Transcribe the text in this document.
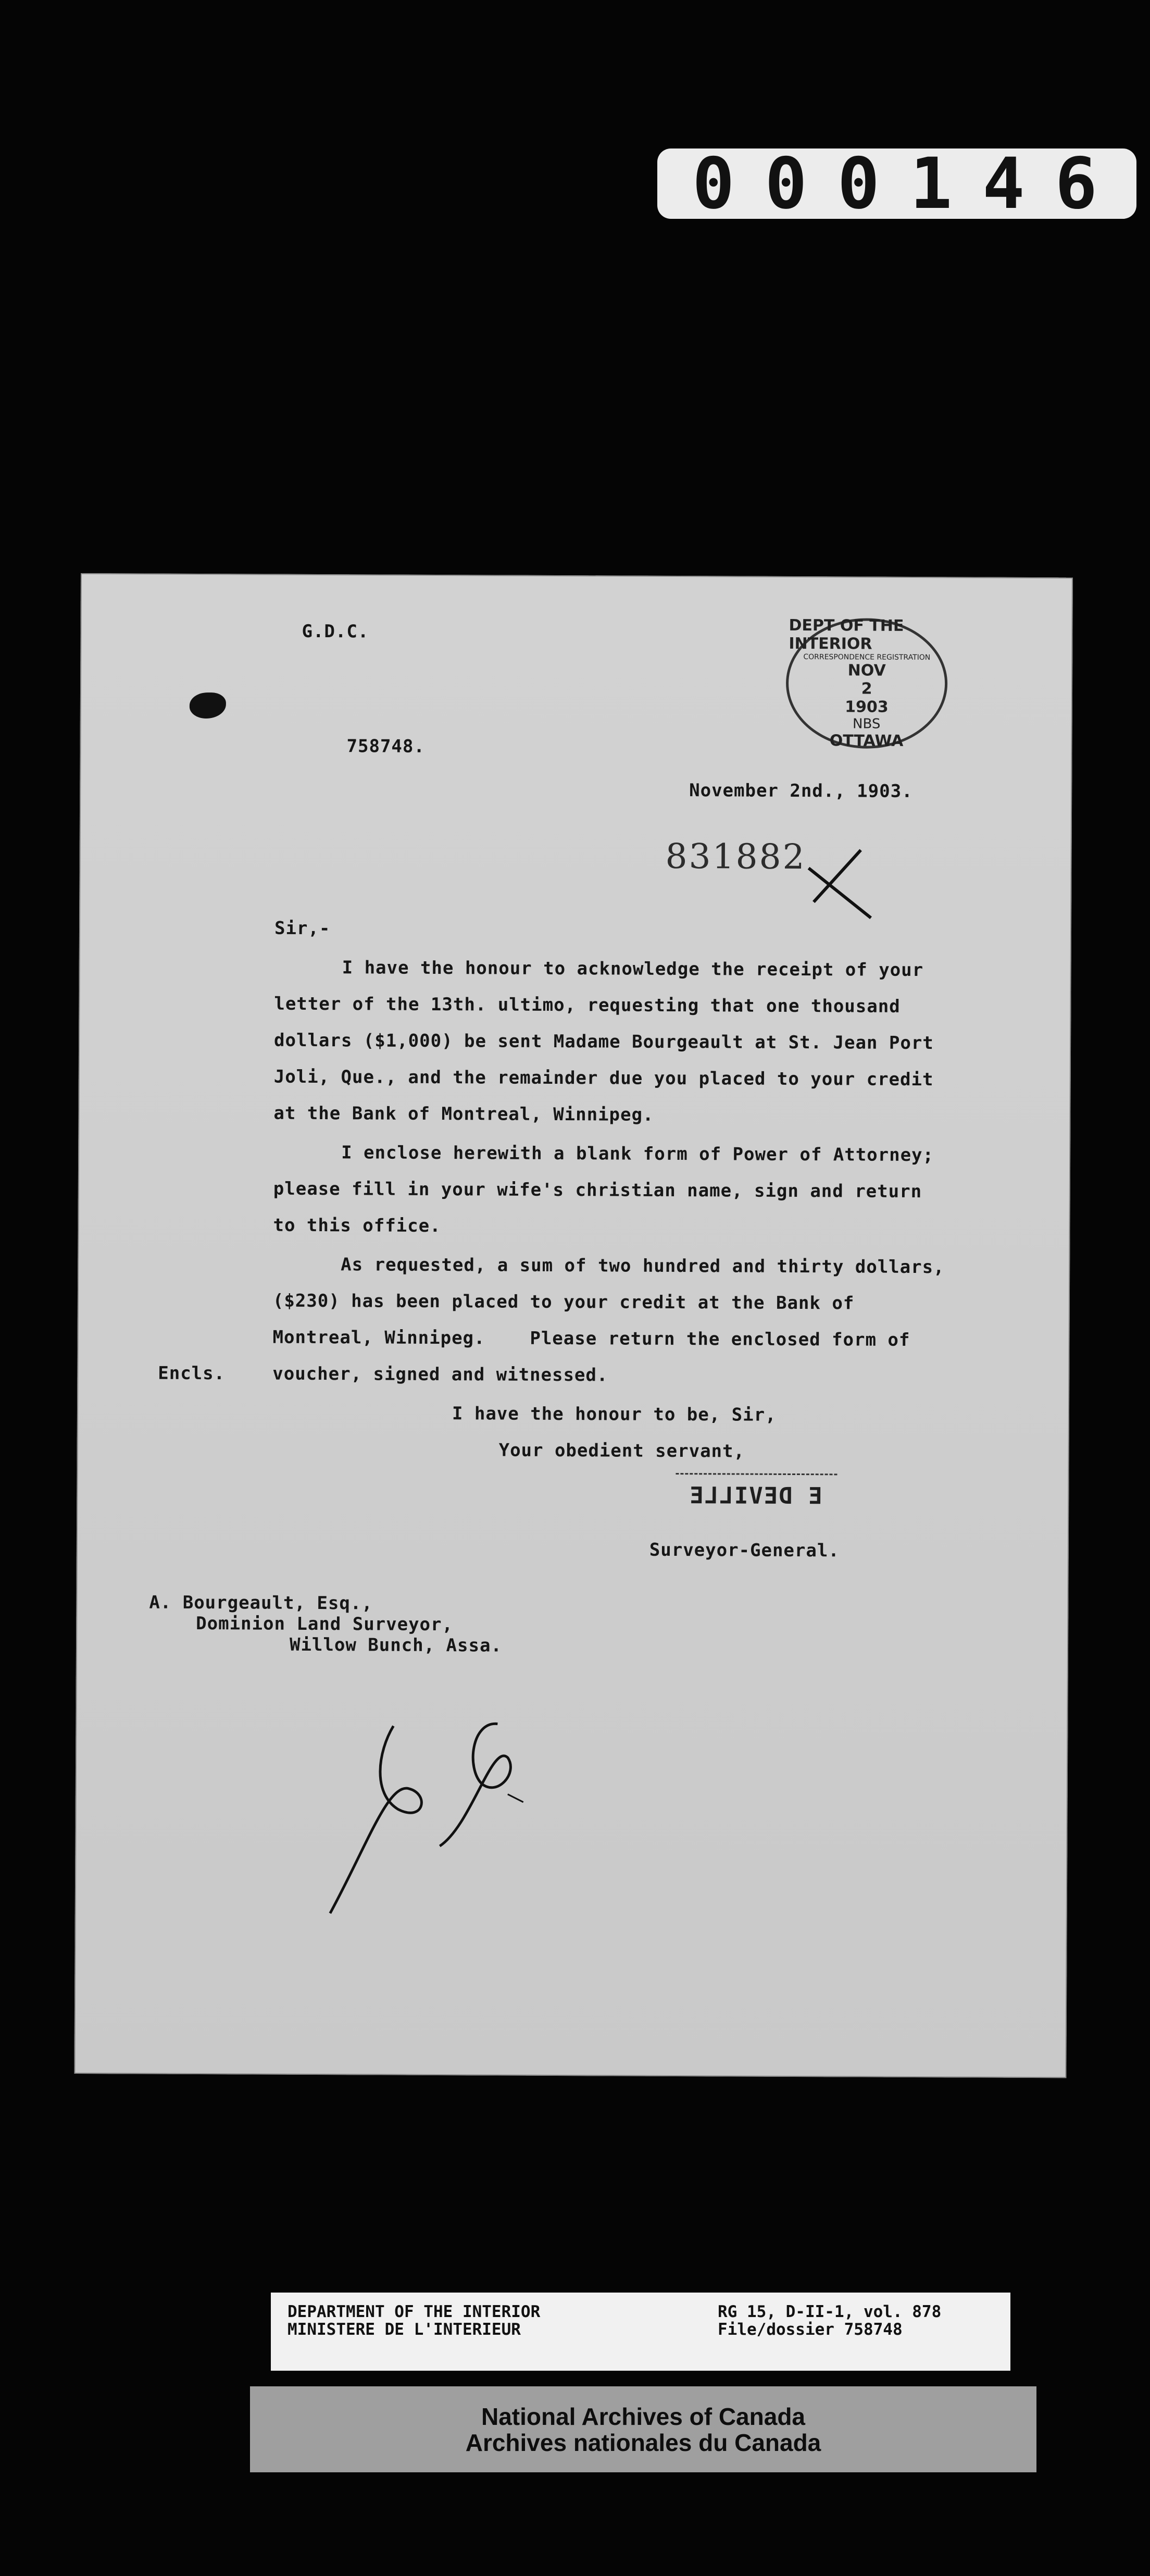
000146
G.D.C.
758748.
DEPT OF THE INTERIOR
CORRESPONDENCE REGISTRATION
NOV
2
1903
NBS
OTTAWA
November 2nd., 1903.
831882
Sir,-
I have the honour to acknowledge the receipt of your
letter of the 13th. ultimo, requesting that one thousand
dollars ($1,000) be sent Madame Bourgeault at St. Jean Port
Joli, Que., and the remainder due you placed to your credit
at the Bank of Montreal, Winnipeg.
I enclose herewith a blank form of Power of Attorney;
please fill in your wife's christian name, sign and return
to this office.
As requested, a sum of two hundred and thirty dollars,
($230) has been placed to your credit at the Bank of
Montreal, Winnipeg.    Please return the enclosed form of
voucher, signed and witnessed.
Encls.
I have the honour to be, Sir,
Your obedient servant,
E DEVILLE
Surveyor-General.
A. Bourgeault, Esq.,
Dominion Land Surveyor,
Willow Bunch, Assa.
DEPARTMENT OF THE INTERIOR
MINISTERE DE L'INTERIEUR
RG 15, D-II-1, vol. 878
File/dossier 758748
National Archives of Canada
Archives nationales du Canada
